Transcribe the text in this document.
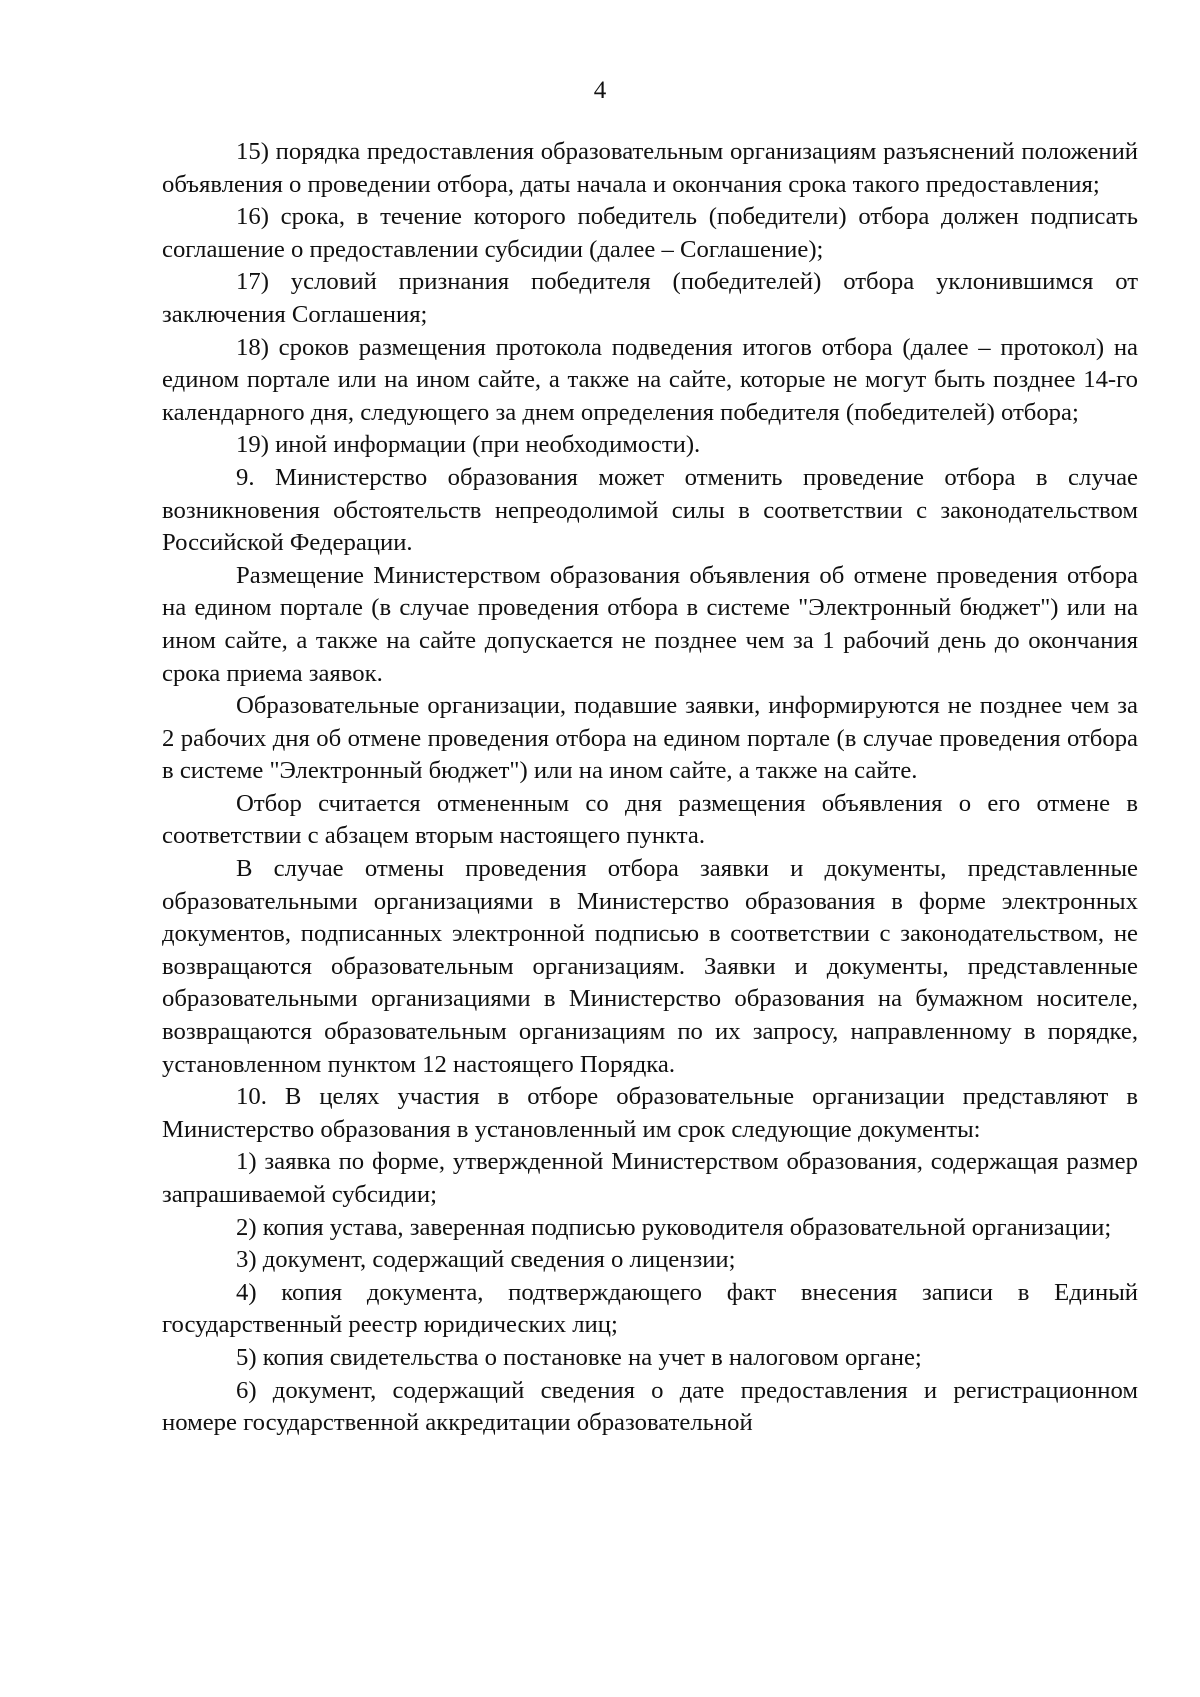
4

15) порядка предоставления образовательным организациям разъяснений положений объявления о проведении отбора, даты начала и окончания срока такого предоставления;

16) срока, в течение которого победитель (победители) отбора должен подписать соглашение о предоставлении субсидии (далее – Соглашение);

17) условий признания победителя (победителей) отбора уклонившимся от заключения Соглашения;

18) сроков размещения протокола подведения итогов отбора (далее – протокол) на едином портале или на ином сайте, а также на сайте, которые не могут быть позднее 14-го календарного дня, следующего за днем определения победителя (победителей) отбора;

19) иной информации (при необходимости).

9. Министерство образования может отменить проведение отбора в случае возникновения обстоятельств непреодолимой силы в соответствии с законодательством Российской Федерации.

Размещение Министерством образования объявления об отмене проведения отбора на едином портале (в случае проведения отбора в системе "Электронный бюджет") или на ином сайте, а также на сайте допускается не позднее чем за 1 рабочий день до окончания срока приема заявок.

Образовательные организации, подавшие заявки, информируются не позднее чем за 2 рабочих дня об отмене проведения отбора на едином портале (в случае проведения отбора в системе "Электронный бюджет") или на ином сайте, а также на сайте.

Отбор считается отмененным со дня размещения объявления о его отмене в соответствии с абзацем вторым настоящего пункта.

В случае отмены проведения отбора заявки и документы, представленные образовательными организациями в Министерство образования в форме электронных документов, подписанных электронной подписью в соответствии с законодательством, не возвращаются образовательным организациям. Заявки и документы, представленные образовательными организациями в Министерство образования на бумажном носителе, возвращаются образовательным организациям по их запросу, направленному в порядке, установленном пунктом 12 настоящего Порядка.

10. В целях участия в отборе образовательные организации представляют в Министерство образования в установленный им срок следующие документы:

1) заявка по форме, утвержденной Министерством образования, содержащая размер запрашиваемой субсидии;

2) копия устава, заверенная подписью руководителя образовательной организации;

3) документ, содержащий сведения о лицензии;

4) копия документа, подтверждающего факт внесения записи в Единый государственный реестр юридических лиц;

5) копия свидетельства о постановке на учет в налоговом органе;

6) документ, содержащий сведения о дате предоставления и регистрационном номере государственной аккредитации образовательной
